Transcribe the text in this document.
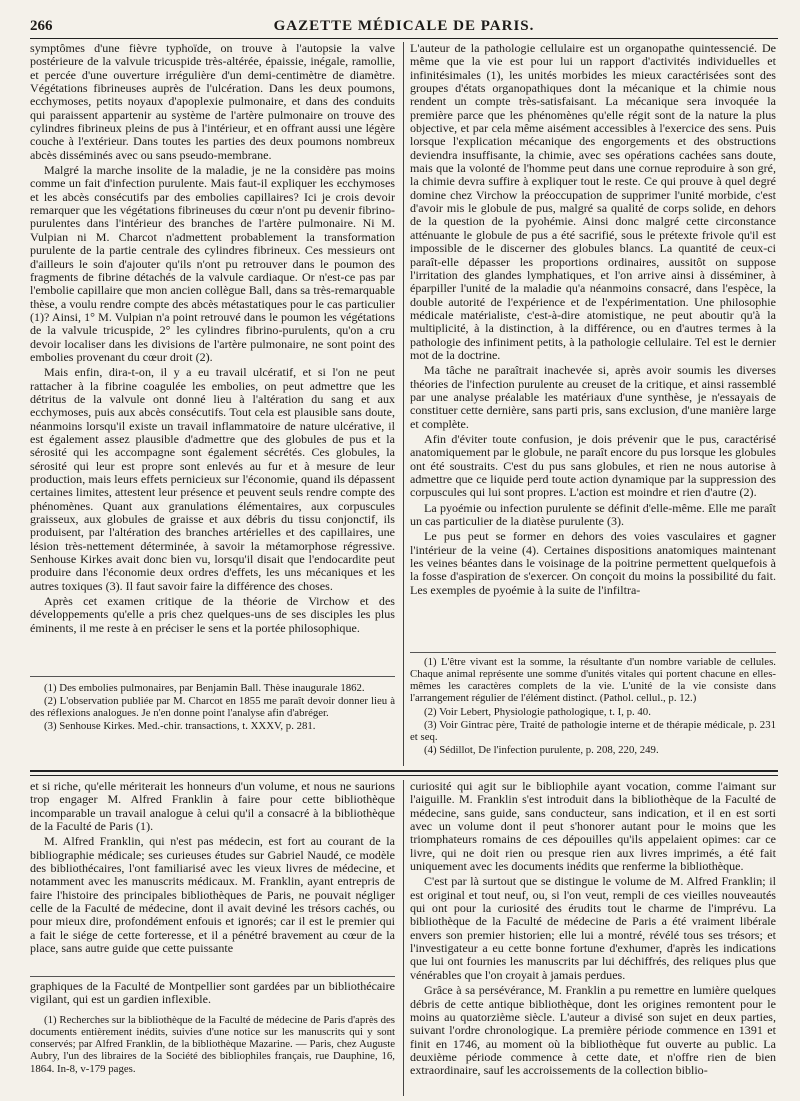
266	GAZETTE MÉDICALE DE PARIS.

symptômes d'une fièvre typhoïde, on trouve à l'autopsie la valve postérieure de la valvule tricuspide très-altérée, épaissie, inégale, ramollie, et percée d'une ouverture irrégulière d'un demi-centimètre de diamètre. Végétations fibrineuses auprès de l'ulcération. Dans les deux poumons, ecchymoses, petits noyaux d'apoplexie pulmonaire, et dans des conduits qui paraissent appartenir au système de l'artère pulmonaire on trouve des cylindres fibrineux pleins de pus à l'intérieur, et en offrant aussi une légère couche à l'extérieur. Dans toutes les parties des deux poumons nombreux abcès disséminés avec ou sans pseudo-membrane.

Malgré la marche insolite de la maladie, je ne la considère pas moins comme un fait d'infection purulente. Mais faut-il expliquer les ecchymoses et les abcès consécutifs par des embolies capillaires? Ici je crois devoir remarquer que les végétations fibrineuses du cœur n'ont pu devenir fibrino-purulentes dans l'intérieur des branches de l'artère pulmonaire. Ni M. Vulpian ni M. Charcot n'admettent probablement la transformation purulente de la partie centrale des cylindres fibrineux. Ces messieurs ont d'ailleurs le soin d'ajouter qu'ils n'ont pu retrouver dans le poumon des fragments de fibrine détachés de la valvule cardiaque. Or n'est-ce pas par l'embolie capillaire que mon ancien collègue Ball, dans sa très-remarquable thèse, a voulu rendre compte des abcès métastatiques pour le cas particulier (1)? Ainsi, 1° M. Vulpian n'a point retrouvé dans le poumon les végétations de la valvule tricuspide, 2° les cylindres fibrino-purulents, qu'on a cru devoir localiser dans les divisions de l'artère pulmonaire, ne sont point des embolies provenant du cœur droit (2).

Mais enfin, dira-t-on, il y a eu travail ulcératif, et si l'on ne peut rattacher à la fibrine coagulée les embolies, on peut admettre que les détritus de la valvule ont donné lieu à l'altération du sang et aux ecchymoses, puis aux abcès consécutifs. Tout cela est plausible sans doute, néanmoins lorsqu'il existe un travail inflammatoire de nature ulcérative, il est également assez plausible d'admettre que des globules de pus et la sérosité qui les accompagne sont également sécrétés. Ces globules, la sérosité qui leur est propre sont enlevés au fur et à mesure de leur production, mais leurs effets pernicieux sur l'économie, quand ils dépassent certaines limites, attestent leur présence et peuvent seuls rendre compte des phénomènes. Quant aux granulations élémentaires, aux corpuscules graisseux, aux globules de graisse et aux débris du tissu conjonctif, ils produisent, par l'altération des branches artérielles et des capillaires, une lésion très-nettement déterminée, à savoir la métamorphose régressive. Senhouse Kirkes avait donc bien vu, lorsqu'il disait que l'endocardite peut produire dans l'économie deux ordres d'effets, les uns mécaniques et les autres toxiques (3). Il faut savoir faire la différence des choses.

Après cet examen critique de la théorie de Virchow et des développements qu'elle a pris chez quelques-uns de ses disciples les plus éminents, il me reste à en préciser le sens et la portée philosophique.

(1) Des embolies pulmonaires, par Benjamin Ball. Thèse inaugurale 1862.

(2) L'observation publiée par M. Charcot en 1855 me paraît devoir donner lieu à des réflexions analogues. Je n'en donne point l'analyse afin d'abréger.

(3) Senhouse Kirkes. Med.-chir. transactions, t. XXXV, p. 281.

L'auteur de la pathologie cellulaire est un organopathe quintessencié. De même que la vie est pour lui un rapport d'activités individuelles et infinitésimales (1), les unités morbides les mieux caractérisées sont des groupes d'états organopathiques dont la mécanique et la chimie nous rendent un compte très-satisfaisant. La mécanique sera invoquée la première parce que les phénomènes qu'elle régit sont de la nature la plus objective, et par cela même aisément accessibles à l'exercice des sens. Puis lorsque l'explication mécanique des engorgements et des obstructions deviendra insuffisante, la chimie, avec ses opérations cachées sans doute, mais que la volonté de l'homme peut dans une cornue reproduire à son gré, la chimie devra suffire à expliquer tout le reste. Ce qui prouve à quel degré domine chez Virchow la préoccupation de supprimer l'unité morbide, c'est d'avoir mis le globule de pus, malgré sa qualité de corps solide, en dehors de la question de la pyohémie. Ainsi donc malgré cette circonstance atténuante le globule de pus a été sacrifié, sous le prétexte frivole qu'il est impossible de le discerner des globules blancs. La quantité de ceux-ci paraît-elle dépasser les proportions ordinaires, aussitôt on suppose l'irritation des glandes lymphatiques, et l'on arrive ainsi à disséminer, à éparpiller l'unité de la maladie qu'a néanmoins consacré, dans l'espèce, la double autorité de l'expérience et de l'expérimentation. Une philosophie médicale matérialiste, c'est-à-dire atomistique, ne peut aboutir qu'à la multiplicité, à la distinction, à la différence, ou en d'autres termes à la pathologie des infiniment petits, à la pathologie cellulaire. Tel est le dernier mot de la doctrine.

Ma tâche ne paraîtrait inachevée si, après avoir soumis les diverses théories de l'infection purulente au creuset de la critique, et ainsi rassemblé par une analyse préalable les matériaux d'une synthèse, je n'essayais de constituer cette dernière, sans parti pris, sans exclusion, d'une manière large et complète.

Afin d'éviter toute confusion, je dois prévenir que le pus, caractérisé anatomiquement par le globule, ne paraît encore du pus lorsque les globules ont été soustraits. C'est du pus sans globules, et rien ne nous autorise à admettre que ce liquide perd toute action dynamique par la suppression des corpuscules qui lui sont propres. L'action est moindre et rien d'autre (2).

La pyoémie ou infection purulente se définit d'elle-même. Elle me paraît un cas particulier de la diatèse purulente (3).

Le pus peut se former en dehors des voies vasculaires et gagner l'intérieur de la veine (4). Certaines dispositions anatomiques maintenant les veines béantes dans le voisinage de la poitrine permettent quelquefois à la fosse d'aspiration de s'exercer. On conçoit du moins la possibilité du fait. Les exemples de pyoémie à la suite de l'infiltra-

(1) L'être vivant est la somme, la résultante d'un nombre variable de cellules. Chaque animal représente une somme d'unités vitales qui portent chacune en elles-mêmes les caractères complets de la vie. L'unité de la vie consiste dans l'arrangement régulier de l'élément distinct. (Pathol. cellul., p. 12.)

(2) Voir Lebert, Physiologie pathologique, t. I, p. 40.

(3) Voir Gintrac père, Traité de pathologie interne et de thérapie médicale, p. 231 et seq.

(4) Sédillot, De l'infection purulente, p. 208, 220, 249.

et si riche, qu'elle mériterait les honneurs d'un volume, et nous ne saurions trop engager M. Alfred Franklin à faire pour cette bibliothèque incomparable un travail analogue à celui qu'il a consacré à la bibliothèque de la Faculté de Paris (1).

M. Alfred Franklin, qui n'est pas médecin, est fort au courant de la bibliographie médicale; ses curieuses études sur Gabriel Naudé, ce modèle des bibliothécaires, l'ont familiarisé avec les vieux livres de médecine, et notamment avec les manuscrits médicaux. M. Franklin, ayant entrepris de faire l'histoire des principales bibliothèques de Paris, ne pouvait négliger celle de la Faculté de médecine, dont il avait deviné les trésors cachés, ou pour mieux dire, profondément enfouis et ignorés; car il est le premier qui a fait le siége de cette forteresse, et il a pénétré bravement au cœur de la place, sans autre guide que cette puissante

graphiques de la Faculté de Montpellier sont gardées par un bibliothécaire vigilant, qui est un gardien inflexible.

(1) Recherches sur la bibliothèque de la Faculté de médecine de Paris d'après des documents entièrement inédits, suivies d'une notice sur les manuscrits qui y sont conservés; par Alfred Franklin, de la bibliothèque Mazarine. — Paris, chez Auguste Aubry, l'un des libraires de la Société des bibliophiles français, rue Dauphine, 16, 1864. In-8, v-179 pages.

curiosité qui agit sur le bibliophile ayant vocation, comme l'aimant sur l'aiguille. M. Franklin s'est introduit dans la bibliothèque de la Faculté de médecine, sans guide, sans conducteur, sans indication, et il en est sorti avec un volume dont il peut s'honorer autant pour le moins que les triomphateurs romains de ces dépouilles qu'ils appelaient opimes: car ce livre, qui ne doit rien ou presque rien aux livres imprimés, a été fait uniquement avec les documents inédits que renferme la bibliothèque.

C'est par là surtout que se distingue le volume de M. Alfred Franklin; il est original et tout neuf, ou, si l'on veut, rempli de ces vieilles nouveautés qui ont pour la curiosité des érudits tout le charme de l'imprévu. La bibliothèque de la Faculté de médecine de Paris a été vraiment libérale envers son premier historien; elle lui a montré, révélé tous ses trésors; et l'investigateur a eu cette bonne fortune d'exhumer, d'après les indications que lui ont fournies les manuscrits par lui déchiffrés, des reliques plus que vénérables que l'on croyait à jamais perdues.

Grâce à sa persévérance, M. Franklin a pu remettre en lumière quelques débris de cette antique bibliothèque, dont les origines remontent pour le moins au quatorzième siècle. L'auteur a divisé son sujet en deux parties, suivant l'ordre chronologique. La première période commence en 1391 et finit en 1746, au moment où la bibliothèque fut ouverte au public. La deuxième période commence à cette date, et n'offre rien de bien extraordinaire, sauf les accroissements de la collection biblio-
